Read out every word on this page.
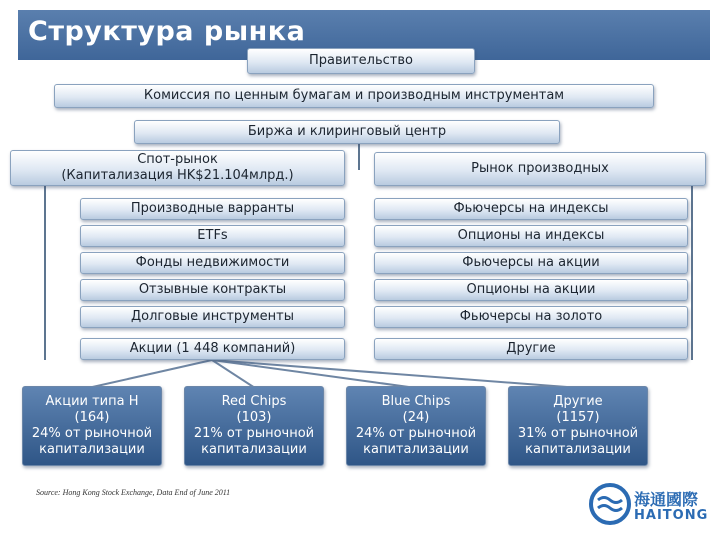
Структура рынка
Правительство
Комиссия по ценным бумагам и производным инструментам
Биржа и клиринговый центр
Спот-рынок
(Капитализация HK$21.104млрд.)	Рынок производных
Производные варранты
ETFs
Фонды недвижимости
Отзывные контракты
Долговые инструменты
Акции (1 448 компаний)
Фьючерсы на индексы
Опционы на индексы
Фьючерсы на акции
Опционы на акции
Фьючерсы на золото
Другие
Акции типа H
(164)
24% от рыночной
капитализации
Red Chips
(103)
21% от рыночной
капитализации
Blue Chips
(24)
24% от рыночной
капитализации
Другие
(1157)
31% от рыночной
капитализации
Source: Hong Kong Stock Exchange, Data End of June 2011	海通國際
HAITONG
